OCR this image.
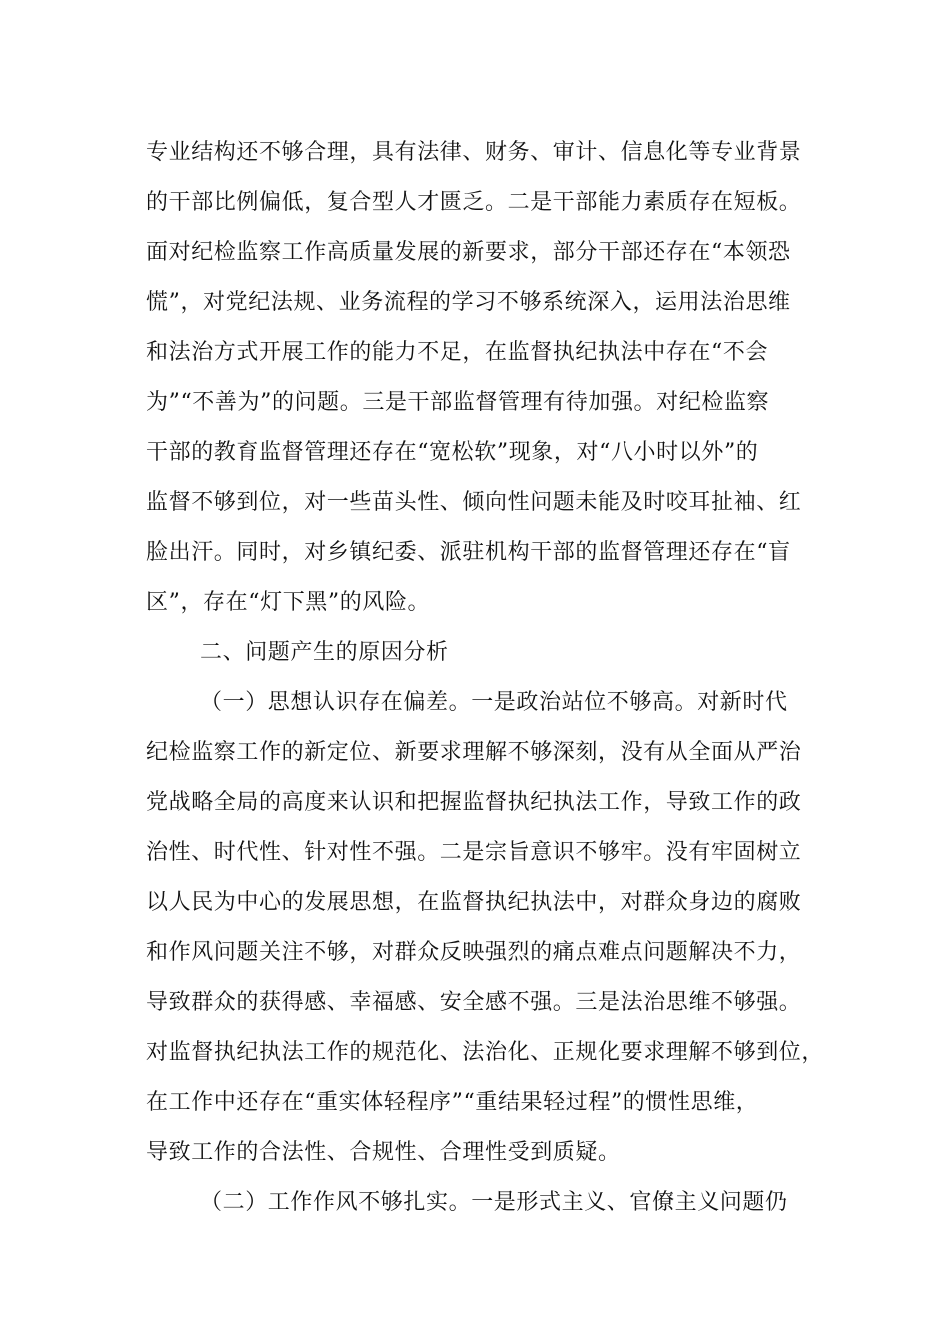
专业结构还不够合理，具有法律、财务、审计、信息化等专业背景
的干部比例偏低，复合型人才匮乏。二是干部能力素质存在短板。
面对纪检监察工作高质量发展的新要求，部分干部还存在“本领恐
慌”，对党纪法规、业务流程的学习不够系统深入，运用法治思维
和法治方式开展工作的能力不足，在监督执纪执法中存在“不会
为”“不善为”的问题。三是干部监督管理有待加强。对纪检监察
干部的教育监督管理还存在“宽松软”现象，对“八小时以外”的
监督不够到位，对一些苗头性、倾向性问题未能及时咬耳扯袖、红
脸出汗。同时，对乡镇纪委、派驻机构干部的监督管理还存在“盲
区”，存在“灯下黑”的风险。
二、问题产生的原因分析
（一）思想认识存在偏差。一是政治站位不够高。对新时代
纪检监察工作的新定位、新要求理解不够深刻，没有从全面从严治
党战略全局的高度来认识和把握监督执纪执法工作，导致工作的政
治性、时代性、针对性不强。二是宗旨意识不够牢。没有牢固树立
以人民为中心的发展思想，在监督执纪执法中，对群众身边的腐败
和作风问题关注不够，对群众反映强烈的痛点难点问题解决不力，
导致群众的获得感、幸福感、安全感不强。三是法治思维不够强。
对监督执纪执法工作的规范化、法治化、正规化要求理解不够到位，
在工作中还存在“重实体轻程序”“重结果轻过程”的惯性思维，
导致工作的合法性、合规性、合理性受到质疑。
（二）工作作风不够扎实。一是形式主义、官僚主义问题仍
